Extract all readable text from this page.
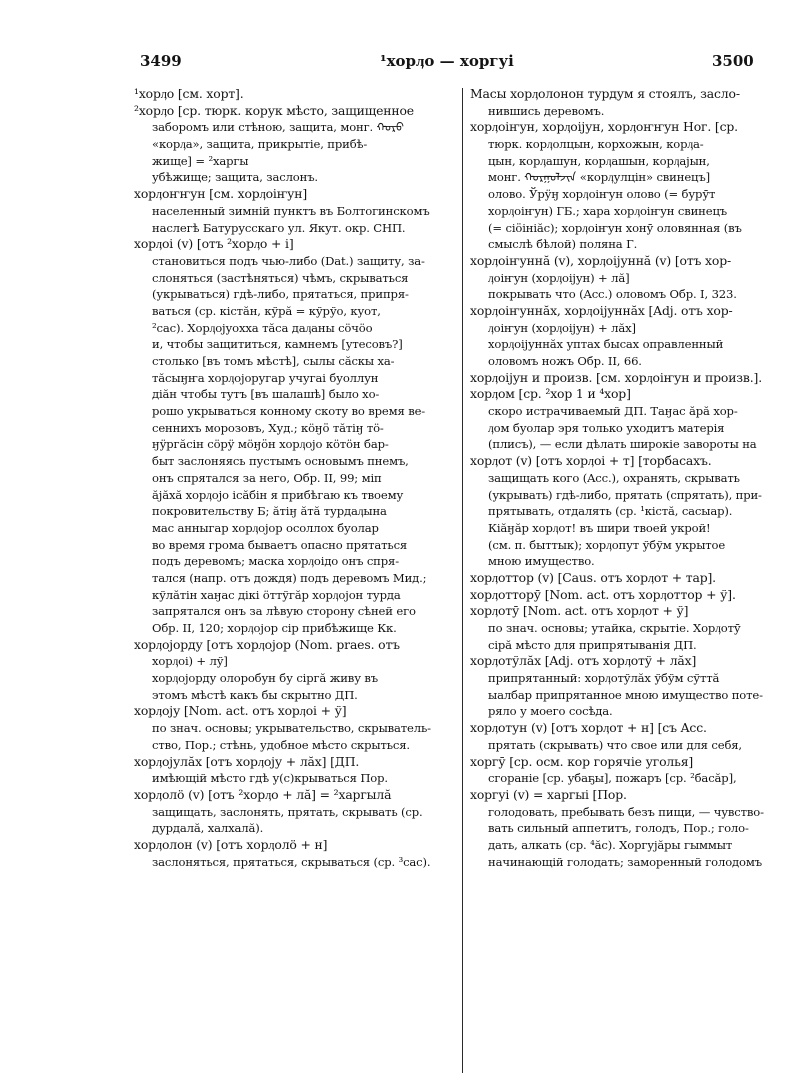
3499	¹хорӆо — хоргуі	3500
¹хорӆо [см. хорт].
²хорӆо [ср. тюрк. корук мѣсто, защищенное
заборомъ или стѣною, защита, монг. ᠬᠣᠷᠣ
«корӆа», защита, прикрытіе, прибѣ-
жище] = ²харгы
убѣжище; защита, заслонъ.
хорӆоҥҥун [см. хорӆоіҥун]
населенный зимній пунктъ въ Болтогинскомъ
наслегѣ Батурусскаго ул. Якут. окр. СНП.
хорӆоі (v) [отъ ²хорӆо + і]
становиться подъ чью-либо (Dat.) защиту, за-
слоняться (застѣняться) чѣмъ, скрываться
(укрываться) гдѣ-либо, прятаться, припря-
ваться (ср. кістăн, кўрă = кўрўо, куот,
²сас). Хорӆојуохха тăса даӆаны сöчöо
и, чтобы защититься, камнемъ [утесовъ?]
столько [въ томъ мѣстѣ], сылы сăскы ха-
тăсыӈҥа хорӆојоругар учугаі буоллун
діăн чтобы тутъ [въ шалашѣ] было хо-
рошо укрываться конному скоту во время ве-
сеннихъ морозовъ, Худ.; кöӈӧ тăтіӈ тö-
ӈӱргăсін сöрӱ мöӈӧн хорӆојо кöтöн бар-
быт заслоняясь пустымъ основымъ пнемъ,
онъ спрятался за него, Обр. II, 99; міп
ăјăхă хорӆојо ісăбін я прибѣгаю къ твоему
покровительству Б; ăтіӈ ăтă турдаӆына
мас анныгар хорӆојор осоллох буолар
во время грома бываетъ опасно прятаться
подъ деревомъ; маска хорӆоідо онъ спря-
тался (напр. отъ дождя) подъ деревомъ Мид.;
кўлăтін хаӈас дікі öттўгăр хорӆојон турда
запрятался онъ за лѣвую сторону сѣней его
Обр. II, 120; хорӆојор сір прибѣжище Кк.
хорӆојорду [отъ хорӆојор (Nom. praes. отъ
хорӆоі) + лў]
хорӆојорду олоробун бу сіргă живу въ
этомъ мѣстѣ какъ бы скрытно ДП.
хорӆоју [Nom. act. отъ хорӆоі + ў]
по знач. основы; укрывательство, скрыватель-
ство, Пор.; стѣнь, удобное мѣсто скрыться.
хорӆојулăх [отъ хорӆоју + лăх] [ДП.
имѣющій мѣсто гдѣ у(с)крываться Пор.
хорӆолö (v) [отъ ²хорӆо + лă] = ²харгылă
защищать, заслонять, прятать, скрывать (ср.
дурдалă, халхалă).
хорӆолон (v) [отъ хорӆолö + н]
заслоняться, прятаться, скрываться (ср. ³сас).
Масы хорӆолонон турдум я стоялъ, засло-
нившись деревомъ.
хорӆоіҥун, хорӆоіјун, хорӆоҥҥун Ног. [ср.
тюрк. корӆолцын, корхожын, корӆа-
цын, корӆашун, корӆашын, корӆајын,
монг. ᠬᠣᠷᠭᠤᠯᠵᠢᠨ «корӆулцін» свинецъ]
олово. Ўрӱӈ хорӆоіҥун олово (= бурӯт
хорӆоіҥун) ГБ.; хара хорӆоіҥун свинецъ
(= сіӧініăс); хорӆоіҥун хонӯ оловянная (въ
смыслѣ бѣлой) поляна Г.
хорӆоіҥуннă (v), хорӆоіјуннă (v) [отъ хор-
ӆоіҥун (хорӆоіјун) + лă]
покрывать что (Acc.) оловомъ Обр. I, 323.
хорӆоіҥуннăх, хорӆоіјуннăх [Adj. отъ хор-
ӆоіҥун (хорӆоіјун) + лăх]
хорӆоіјуннăх уптах бысах оправленный
оловомъ ножъ Обр. II, 66.
хорӆоіјун и произв. [см. хорӆоіҥун и произв.].
хорӆом [ср. ²хор 1 и ⁴хор]
скоро истрачиваемый ДП. Таӈас ăрă хор-
ӆом буолар эря только уходитъ матерія
(плисъ), — если дѣлать широкіе завороты на
хорӆот (v) [отъ хорӆоі + т] [торбасахъ.
защищать кого (Acc.), охранять, скрывать
(укрывать) гдѣ-либо, прятать (спрятать), при-
прятывать, отдалять (ср. ¹кістă, сасыар).
Кіăӈăр хорӆот! въ шири твоей укрой!
(см. п. быттык); хорӆопут ўбўм укрытое
мною имущество.
хорӆоттор (v) [Caus. отъ хорӆот + тар].
хорӆотторӯ [Nom. act. отъ хорӆоттор + ў].
хорӆотӯ [Nom. act. отъ хорӆот + ў]
по знач. основы; утайка, скрытіе. Хорӆотӯ
сірă мѣсто для припрятыванія ДП.
хорӆотўлăх [Adj. отъ хорӆотў + лăх]
припрятанный: хорӆотўлăх ўбўм сўттă
ыалбар припрятанное мною имущество поте-
ряло у моего сосѣда.
хорӆотун (v) [отъ хорӆот + н] [съ Acc.
прятать (скрывать) что свое или для себя,
хоргӯ [ср. осм. кор горячіе уголья]
сгораніе [ср. убаҕы], пожаръ [ср. ²басăр],
хоргуі (v) = харгыі [Пор.
голодовать, пребывать безъ пищи, — чувство-
вать сильный аппетитъ, голодъ, Пор.; голо-
дать, алкать (ср. ⁴ăс). Хоргујăры гыммыт
начинающій голодать; заморенный голодомъ
